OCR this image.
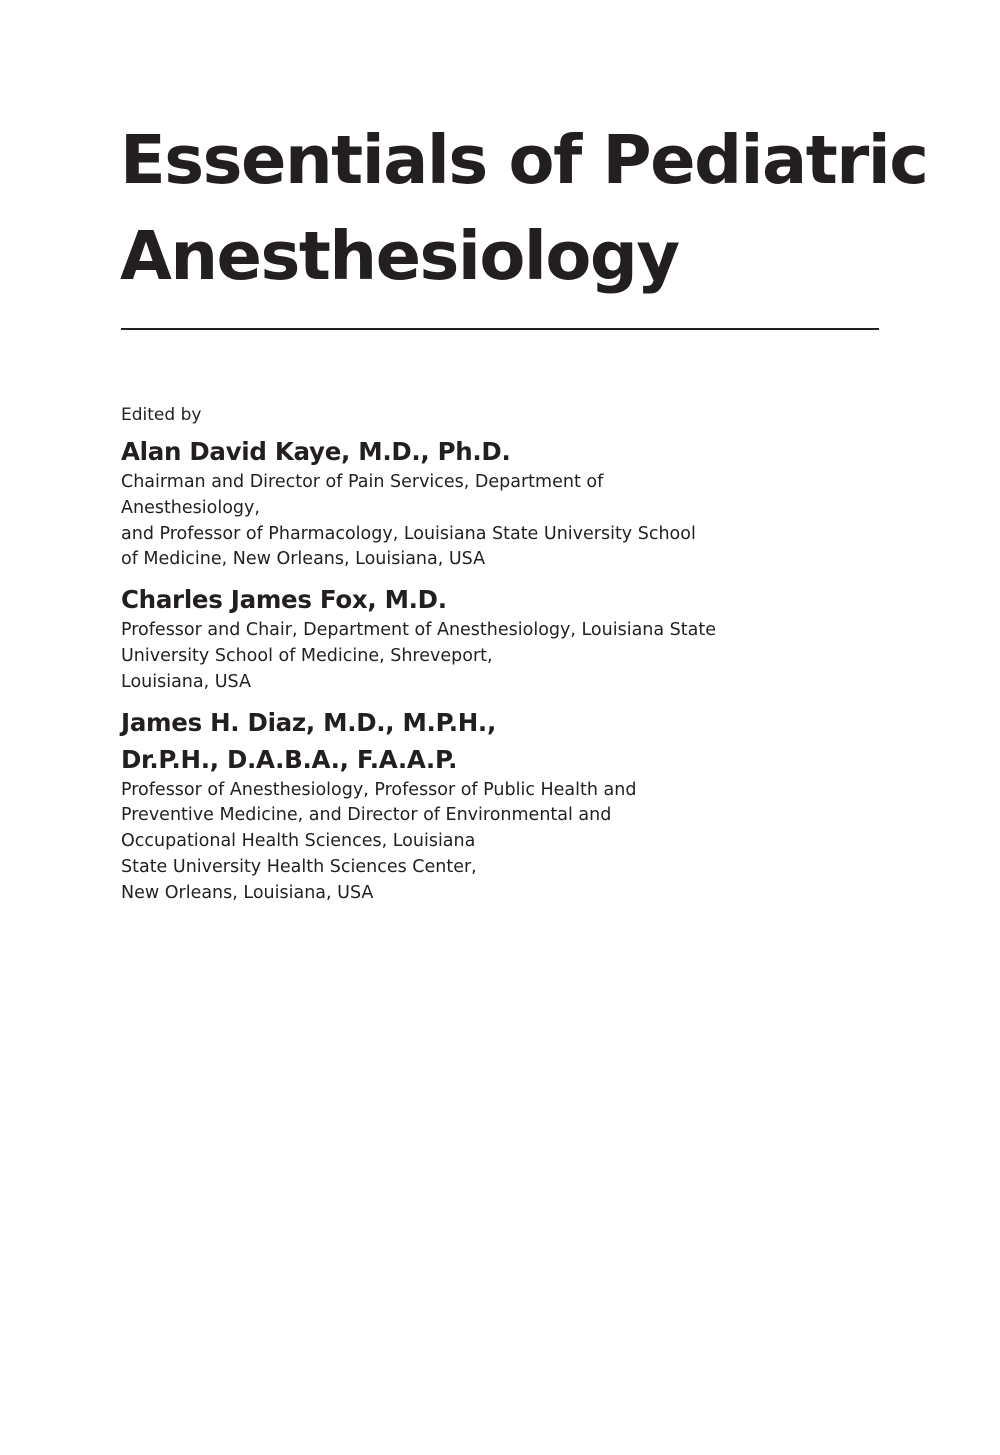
Essentials of Pediatric
Anesthesiology

Edited by

Alan David Kaye, M.D., Ph.D.

Chairman and Director of Pain Services, Department of
Anesthesiology,
and Professor of Pharmacology, Louisiana State University School
of Medicine, New Orleans, Louisiana, USA

Charles James Fox, M.D.

Professor and Chair, Department of Anesthesiology, Louisiana State
University School of Medicine, Shreveport,
Louisiana, USA

James H. Diaz, M.D., M.P.H.,
Dr.P.H., D.A.B.A., F.A.A.P.

Professor of Anesthesiology, Professor of Public Health and
Preventive Medicine, and Director of Environmental and
Occupational Health Sciences, Louisiana
State University Health Sciences Center,
New Orleans, Louisiana, USA
